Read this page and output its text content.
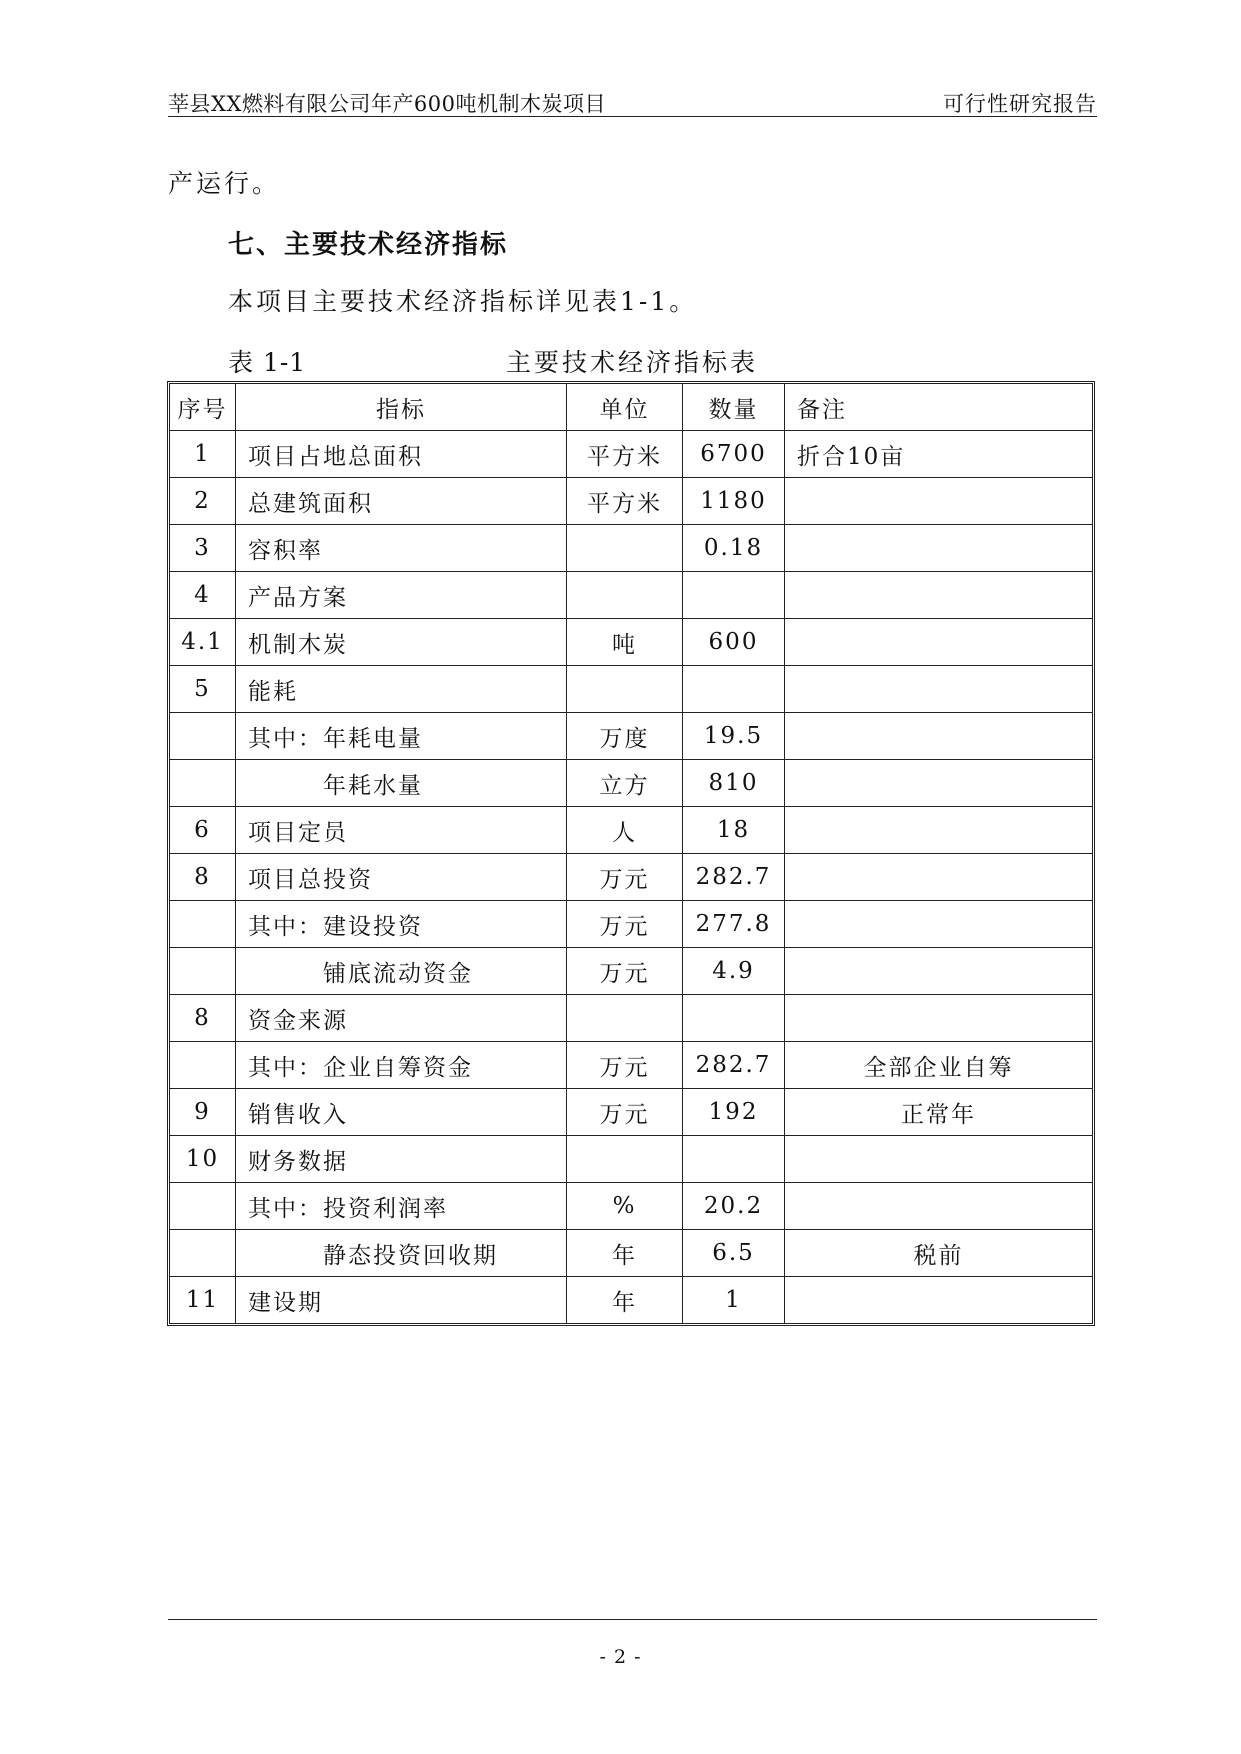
莘县XX燃料有限公司年产600吨机制木炭项目	可行性研究报告
产运行。
七、主要技术经济指标
本项目主要技术经济指标详见表1-1。
表 1-1	主要技术经济指标表
序号	指标	单位	数量	备注
1	项目占地总面积	平方米	6700	折合10亩
2	总建筑面积	平方米	1180	
3	容积率		0.18	
4	产品方案			
4.1	机制木炭	吨	600	
5	能耗			
	其中：年耗电量	万度	19.5	
	年耗水量	立方	810	
6	项目定员	人	18	
8	项目总投资	万元	282.7	
	其中：建设投资	万元	277.8	
	铺底流动资金	万元	4.9	
8	资金来源			
	其中：企业自筹资金	万元	282.7	全部企业自筹
9	销售收入	万元	192	正常年
10	财务数据			
	其中：投资利润率	%	20.2	
	静态投资回收期	年	6.5	税前
11	建设期	年	1	
- 2 -
